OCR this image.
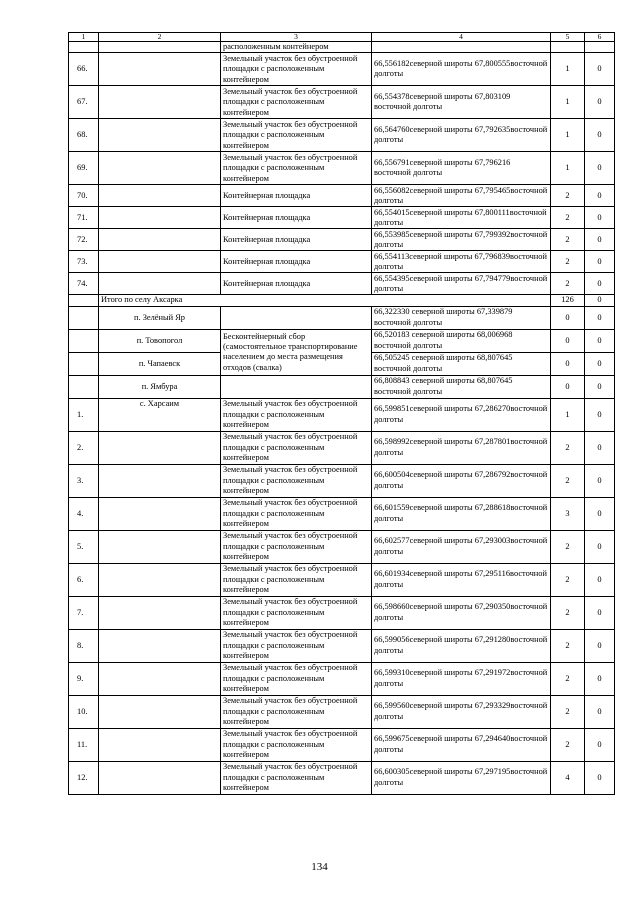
1	2	3	4	5	6
		расположенным контейнером			
66.		Земельный участок без обустроенной площадки с расположенным контейнером	66,556182северной широты 67,800555восточной долготы	1	0
67.		Земельный участок без обустроенной площадки с расположенным контейнером	66,554378северной широты 67,803109 восточной долготы	1	0
68.		Земельный участок без обустроенной площадки с расположенным контейнером	66,564760северной широты 67,792635восточной долготы	1	0
69.		Земельный участок без обустроенной площадки с расположенным контейнером	66,556791северной широты 67,796216 восточной долготы	1	0
70.		Контейнерная площадка	66,556082северной широты 67,795465восточной долготы	2	0
71.		Контейнерная площадка	66,554015северной широты 67,800111восточной долготы	2	0
72.		Контейнерная площадка	66,553985северной широты 67,799392восточной долготы	2	0
73.		Контейнерная площадка	66,554113северной широты 67,796839восточной долготы	2	0
74.		Контейнерная площадка	66,554395северной широты 67,794779восточной долготы	2	0
	Итого по селу Аксарка			126	0
	п. Зелёный Яр		66,322330 северной широты 67,339879 восточной долготы	0	0
	п. Товопогол	Бесконтейнерный сбор (самостоятельное транспортирование населением до места размещения отходов (свалка)	66,520183 северной широты 68,006968 восточной долготы	0	0
	п. Чапаевск		66,505245 северной широты 68,807645 восточной долготы	0	0
	п. Ямбура		66,808843 северной широты 68,807645 восточной долготы	0	0
1.	с. Харсаим	Земельный участок без обустроенной площадки с расположенным контейнером	66,599851северной широты 67,286270восточной долготы	1	0
2.		Земельный участок без обустроенной площадки с расположенным контейнером	66,598992северной широты 67,287801восточной долготы	2	0
3.		Земельный участок без обустроенной площадки с расположенным контейнером	66,600504северной широты 67,286792восточной долготы	2	0
4.		Земельный участок без обустроенной площадки с расположенным контейнером	66,601559северной широты 67,288618восточной долготы	3	0
5.		Земельный участок без обустроенной площадки с расположенным контейнером	66,602577северной широты 67,293003восточной долготы	2	0
6.		Земельный участок без обустроенной площадки с расположенным контейнером	66,601934северной широты 67,295116восточной долготы	2	0
7.		Земельный участок без обустроенной площадки с расположенным контейнером	66,598660северной широты 67,290350восточной долготы	2	0
8.		Земельный участок без обустроенной площадки с расположенным контейнером	66,599056северной широты 67,291280восточной долготы	2	0
9.		Земельный участок без обустроенной площадки с расположенным контейнером	66,599310северной широты 67,291972восточной долготы	2	0
10.		Земельный участок без обустроенной площадки с расположенным контейнером	66,599560северной широты 67,293329восточной долготы	2	0
11.		Земельный участок без обустроенной площадки с расположенным контейнером	66,599675северной широты 67,294640восточной долготы	2	0
12.		Земельный участок без обустроенной площадки с расположенным контейнером	66,600305северной широты 67,297195восточной долготы	4	0
134
